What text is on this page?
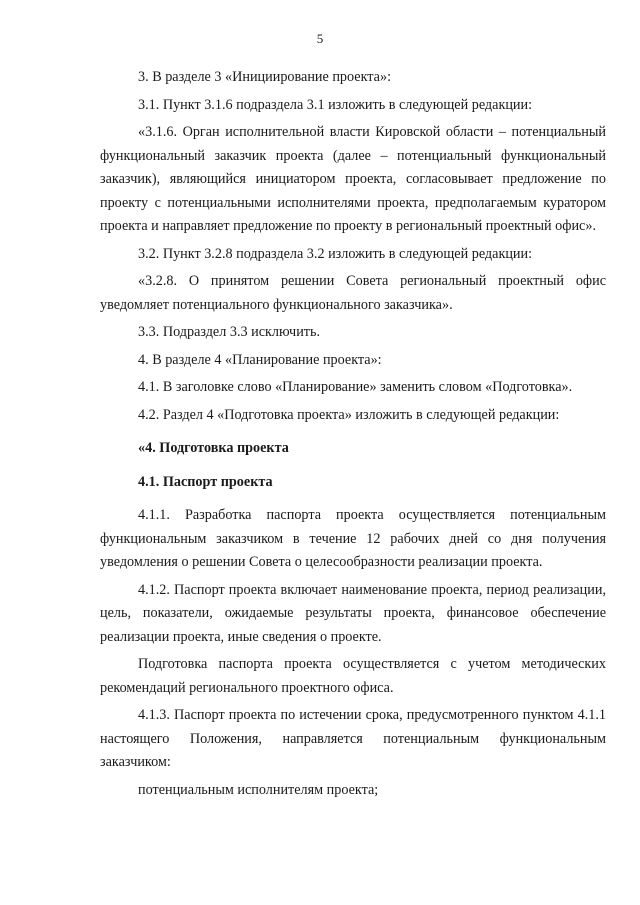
5

3. В разделе 3 «Инициирование проекта»:

3.1. Пункт 3.1.6 подраздела 3.1 изложить в следующей редакции:

«3.1.6. Орган исполнительной власти Кировской области – потенциальный функциональный заказчик проекта (далее – потенциальный функциональный заказчик), являющийся инициатором проекта, согласовывает предложение по проекту с потенциальными исполнителями проекта, предполагаемым куратором проекта и направляет предложение по проекту в региональный проектный офис».

3.2. Пункт 3.2.8 подраздела 3.2 изложить в следующей редакции:

«3.2.8. О принятом решении Совета региональный проектный офис уведомляет потенциального функционального заказчика».

3.3. Подраздел 3.3 исключить.

4. В разделе 4 «Планирование проекта»:

4.1. В заголовке слово «Планирование» заменить словом «Подготовка».

4.2. Раздел 4 «Подготовка проекта» изложить в следующей редакции:

«4. Подготовка проекта

4.1. Паспорт проекта

4.1.1. Разработка паспорта проекта осуществляется потенциальным функциональным заказчиком в течение 12 рабочих дней со дня получения уведомления о решении Совета о целесообразности реализации проекта.

4.1.2. Паспорт проекта включает наименование проекта, период реализации, цель, показатели, ожидаемые результаты проекта, финансовое обеспечение реализации проекта, иные сведения о проекте.

Подготовка паспорта проекта осуществляется с учетом методических рекомендаций регионального проектного офиса.

4.1.3. Паспорт проекта по истечении срока, предусмотренного пунктом 4.1.1 настоящего Положения, направляется потенциальным функциональным заказчиком:

потенциальным исполнителям проекта;
